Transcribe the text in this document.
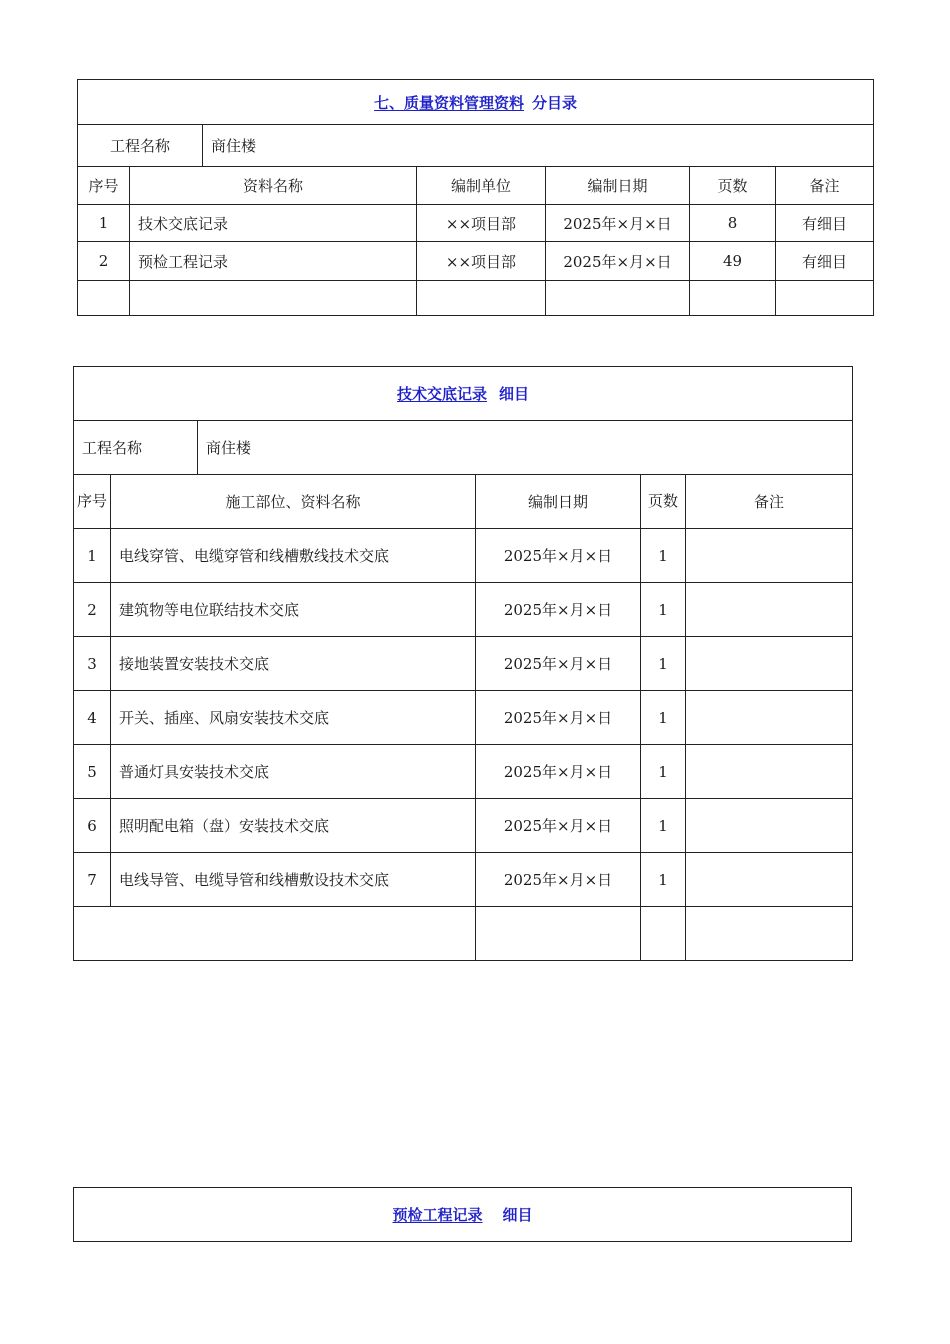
七、质量资料管理资料 分目录						
工程名称		商住楼				
序号	资料名称		编制单位	编制日期	页数	备注
1	技术交底记录		××项目部	2025年×月×日	8	有细目
2	预检工程记录		××项目部	2025年×月×日	49	有细目

技术交底记录 细目					
工程名称		商住楼			
序号	施工部位、资料名称		编制日期	页数	备注
1	电线穿管、电缆穿管和线槽敷线技术交底		2025年×月×日	1	
2	建筑物等电位联结技术交底		2025年×月×日	1	
3	接地装置安装技术交底		2025年×月×日	1	
4	开关、插座、风扇安装技术交底		2025年×月×日	1	
5	普通灯具安装技术交底		2025年×月×日	1	
6	照明配电箱（盘）安装技术交底		2025年×月×日	1	
7	电线导管、电缆导管和线槽敷设技术交底		2025年×月×日	1	

预检工程记录 细目
